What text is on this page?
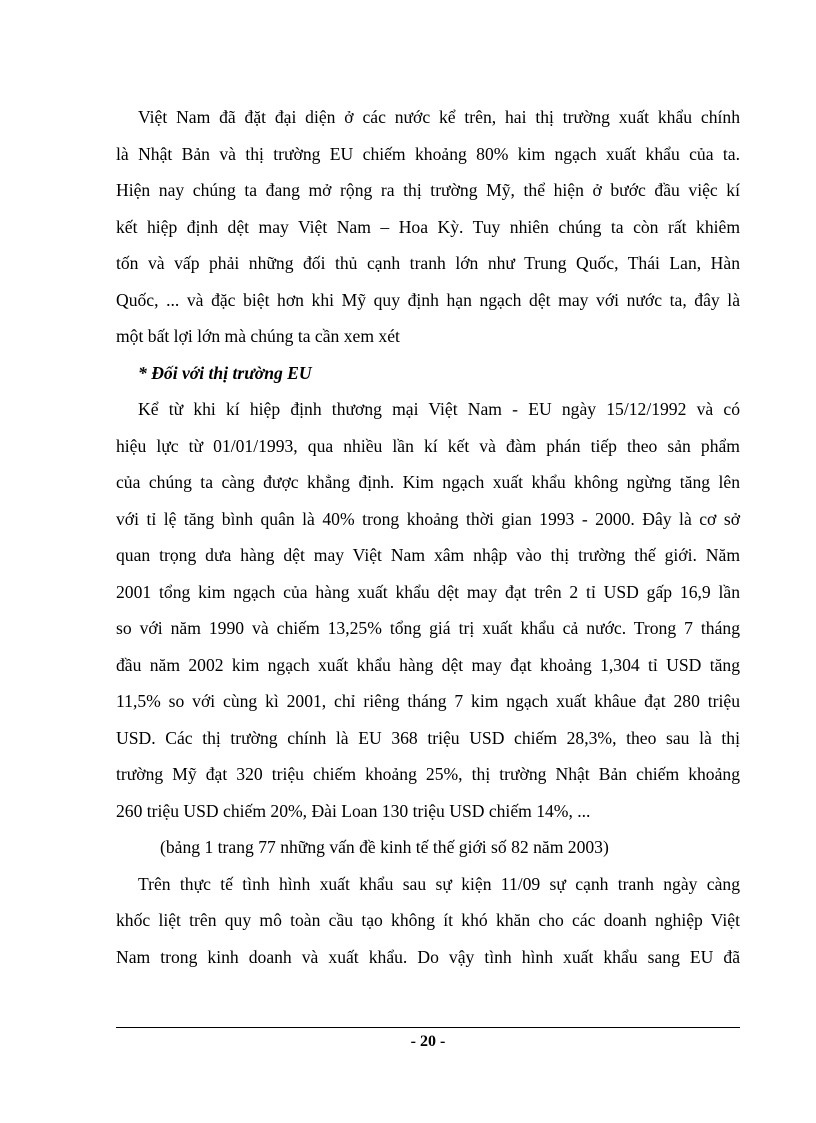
Việt Nam đã đặt đại diện ở các nước kể trên, hai thị trường xuất khẩu chính
là Nhật Bản và thị trường EU chiếm khoảng 80% kim ngạch xuất khẩu của ta.
Hiện nay chúng ta đang mở rộng ra thị trường Mỹ, thể hiện ở bước đầu việc kí
kết hiệp định dệt may Việt Nam – Hoa Kỳ. Tuy nhiên chúng ta còn rất khiêm
tốn và vấp phải những đối thủ cạnh tranh lớn như Trung Quốc, Thái Lan, Hàn
Quốc, ... và đặc biệt hơn khi Mỹ quy định hạn ngạch dệt may với nước ta, đây là
một bất lợi lớn mà chúng ta cần xem xét
* Đối với thị trường EU
Kể từ khi kí hiệp định thương mại Việt Nam - EU ngày 15/12/1992 và có
hiệu lực từ 01/01/1993, qua nhiều lần kí kết và đàm phán tiếp theo sản phẩm
của chúng ta càng được khẳng định. Kim ngạch xuất khẩu không ngừng tăng lên
với tỉ lệ tăng bình quân là 40% trong khoảng thời gian 1993 - 2000. Đây là cơ sở
quan trọng dưa hàng dệt may Việt Nam xâm nhập vào thị trường thế giới. Năm
2001 tổng kim ngạch của hàng xuất khẩu dệt may đạt trên 2 tỉ USD gấp 16,9 lần
so với năm 1990 và chiếm 13,25% tổng giá trị xuất khẩu cả nước. Trong 7 tháng
đầu năm 2002 kim ngạch xuất khẩu hàng dệt may đạt khoảng 1,304 tỉ USD tăng
11,5% so với cùng kì 2001, chỉ riêng tháng 7 kim ngạch xuất khâue đạt 280 triệu
USD. Các thị trường chính là EU 368 triệu USD chiếm 28,3%, theo sau là thị
trường Mỹ đạt 320 triệu chiếm khoảng 25%, thị trường Nhật Bản chiếm khoảng
260 triệu USD chiếm 20%, Đài Loan 130 triệu USD chiếm 14%, ...
(bảng 1 trang 77 những vấn đề kinh tế thế giới số 82 năm 2003)
Trên thực tế tình hình xuất khẩu sau sự kiện 11/09 sự cạnh tranh ngày càng
khốc liệt trên quy mô toàn cầu tạo không ít khó khăn cho các doanh nghiệp Việt
Nam trong kinh doanh và xuất khẩu. Do vậy tình hình xuất khẩu sang EU đã
- 20 -
